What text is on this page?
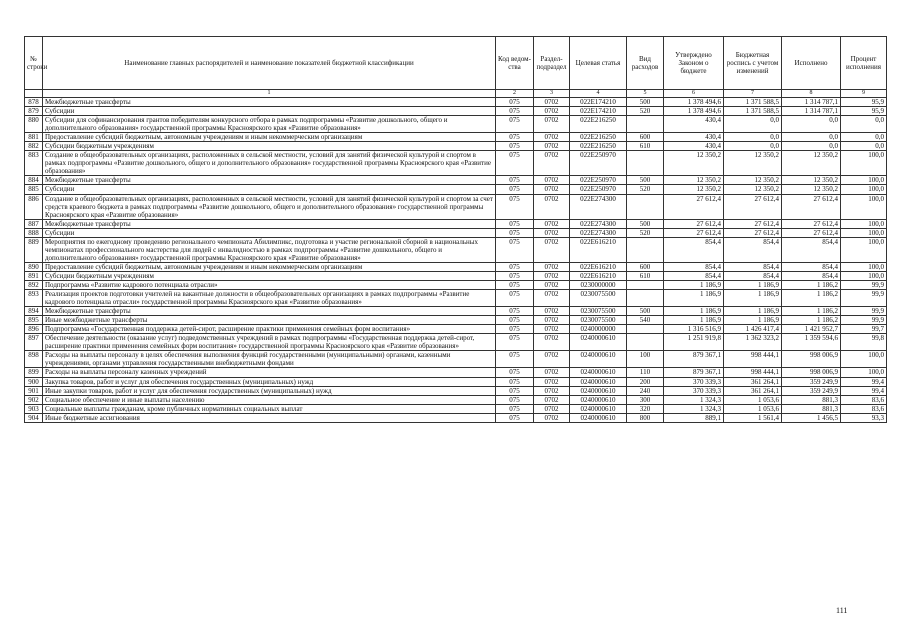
№ строки	Наименование главных распорядителей и наименование показателей бюджетной классификации	Код ведом-ства	Раздел-подраздел	Целевая статья	Вид расходов	Утверждено Законом о бюджете	Бюджетная роспись с учетом изменений	Исполнено	Процент исполнения
	1	2	3	4	5	6	7	8	9
878	Межбюджетные трансферты	075	0702	022E174210	500	1 378 494,6	1 371 588,5	1 314 787,1	95,9
879	Субсидии	075	0702	022E174210	520	1 378 494,6	1 371 588,5	1 314 787,1	95,9
880	Субсидии для софинансирования грантов победителям конкурсного отбора в рамках подпрограммы «Развитие дошкольного, общего и дополнительного образования» государственной программы Красноярского края «Развитие образования»	075	0702	022E216250		430,4	0,0	0,0	0,0
881	Предоставление субсидий бюджетным, автономным учреждениям и иным некоммерческим организациям	075	0702	022E216250	600	430,4	0,0	0,0	0,0
882	Субсидии бюджетным учреждениям	075	0702	022E216250	610	430,4	0,0	0,0	0,0
883	Создание в общеобразовательных организациях, расположенных в сельской местности, условий для занятий физической культурой и спортом в рамках подпрограммы «Развитие дошкольного, общего и дополнительного образования» государственной программы Красноярского края «Развитие образования»	075	0702	022E250970		12 350,2	12 350,2	12 350,2	100,0
884	Межбюджетные трансферты	075	0702	022E250970	500	12 350,2	12 350,2	12 350,2	100,0
885	Субсидии	075	0702	022E250970	520	12 350,2	12 350,2	12 350,2	100,0
886	Создание в общеобразовательных организациях, расположенных в сельской местности, условий для занятий физической культурой и спортом за счет средств краевого бюджета в рамках подпрограммы «Развитие дошкольного, общего и дополнительного образования» государственной программы Красноярского края «Развитие образования»	075	0702	022E274300		27 612,4	27 612,4	27 612,4	100,0
887	Межбюджетные трансферты	075	0702	022E274300	500	27 612,4	27 612,4	27 612,4	100,0
888	Субсидии	075	0702	022E274300	520	27 612,4	27 612,4	27 612,4	100,0
889	Мероприятия по ежегодному проведению регионального чемпионата Абилимпикс, подготовка и участие региональной сборной в национальных чемпионатах профессионального мастерства для людей с инвалидностью в рамках подпрограммы «Развитие дошкольного, общего и дополнительного образования» государственной программы Красноярского края «Развитие образования»	075	0702	022E616210		854,4	854,4	854,4	100,0
890	Предоставление субсидий бюджетным, автономным учреждениям и иным некоммерческим организациям	075	0702	022E616210	600	854,4	854,4	854,4	100,0
891	Субсидии бюджетным учреждениям	075	0702	022E616210	610	854,4	854,4	854,4	100,0
892	Подпрограмма «Развитие кадрового потенциала отрасли»	075	0702	0230000000		1 186,9	1 186,9	1 186,2	99,9
893	Реализация проектов подготовки учителей на вакантные должности в общеобразовательных организациях в рамках подпрограммы «Развитие кадрового потенциала отрасли» государственной программы Красноярского края «Развитие образования»	075	0702	0230075500		1 186,9	1 186,9	1 186,2	99,9
894	Межбюджетные трансферты	075	0702	0230075500	500	1 186,9	1 186,9	1 186,2	99,9
895	Иные межбюджетные трансферты	075	0702	0230075500	540	1 186,9	1 186,9	1 186,2	99,9
896	Подпрограмма «Государственная поддержка детей-сирот, расширение практики применения семейных форм воспитания»	075	0702	0240000000		1 316 516,9	1 426 417,4	1 421 952,7	99,7
897	Обеспечение деятельности (оказание услуг) подведомственных учреждений в рамках подпрограммы «Государственная поддержка детей-сирот, расширение практики применения семейных форм воспитания» государственной программы Красноярского края «Развитие образования»	075	0702	0240000610		1 251 919,8	1 362 323,2	1 359 594,6	99,8
898	Расходы на выплаты персоналу в целях обеспечения выполнения функций государственными (муниципальными) органами, казенными учреждениями, органами управления государственными внебюджетными фондами	075	0702	0240000610	100	879 367,1	998 444,1	998 006,9	100,0
899	Расходы на выплаты персоналу казенных учреждений	075	0702	0240000610	110	879 367,1	998 444,1	998 006,9	100,0
900	Закупка товаров, работ и услуг для обеспечения государственных (муниципальных) нужд	075	0702	0240000610	200	370 339,3	361 264,1	359 249,9	99,4
901	Иные закупки товаров, работ и услуг для обеспечения государственных (муниципальных) нужд	075	0702	0240000610	240	370 339,3	361 264,1	359 249,9	99,4
902	Социальное обеспечение и иные выплаты населению	075	0702	0240000610	300	1 324,3	1 053,6	881,3	83,6
903	Социальные выплаты гражданам, кроме публичных нормативных социальных выплат	075	0702	0240000610	320	1 324,3	1 053,6	881,3	83,6
904	Иные бюджетные ассигнования	075	0702	0240000610	800	889,1	1 561,4	1 456,5	93,3
111
